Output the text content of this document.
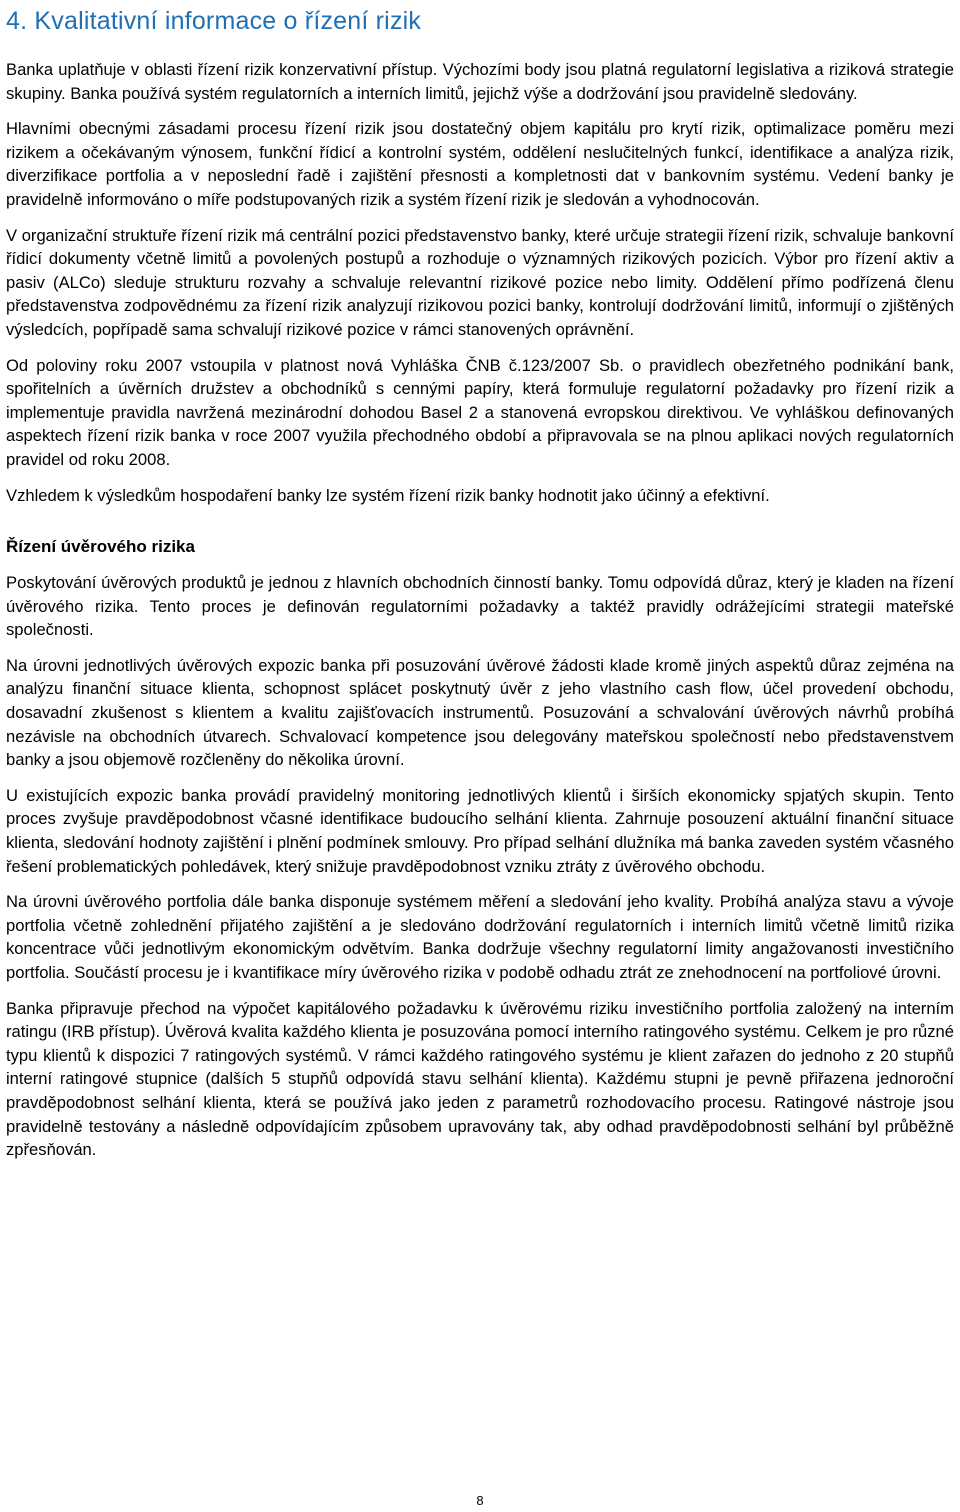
4. Kvalitativní informace o řízení rizik

Banka uplatňuje v oblasti řízení rizik konzervativní přístup. Výchozími body jsou platná regulatorní legislativa a riziková strategie skupiny. Banka používá systém regulatorních a interních limitů, jejichž výše a dodržování jsou pravidelně sledovány.

Hlavními obecnými zásadami procesu řízení rizik jsou dostatečný objem kapitálu pro krytí rizik, optimalizace poměru mezi rizikem a očekávaným výnosem, funkční řídicí a kontrolní systém, oddělení neslučitelných funkcí, identifikace a analýza rizik, diverzifikace portfolia a v neposlední řadě i zajištění přesnosti a kompletnosti dat v bankovním systému. Vedení banky je pravidelně informováno o míře podstupovaných rizik a systém řízení rizik je sledován a vyhodnocován.

V organizační struktuře řízení rizik má centrální pozici představenstvo banky, které určuje strategii řízení rizik, schvaluje bankovní řídicí dokumenty včetně limitů a povolených postupů a rozhoduje o významných rizikových pozicích. Výbor pro řízení aktiv a pasiv (ALCo) sleduje strukturu rozvahy a schvaluje relevantní rizikové pozice nebo limity. Oddělení přímo podřízená členu představenstva zodpovědnému za řízení rizik analyzují rizikovou pozici banky, kontrolují dodržování limitů, informují o zjištěných výsledcích, popřípadě sama schvalují rizikové pozice v rámci stanovených oprávnění.

Od poloviny roku 2007 vstoupila v platnost nová Vyhláška ČNB č.123/2007 Sb. o pravidlech obezřetného podnikání bank, spořitelních a úvěrních družstev a obchodníků s cennými papíry, která formuluje regulatorní požadavky pro řízení rizik a implementuje pravidla navržená mezinárodní dohodou Basel 2 a stanovená evropskou direktivou. Ve vyhláškou definovaných aspektech řízení rizik banka v roce 2007 využila přechodného období a připravovala se na plnou aplikaci nových regulatorních pravidel od roku 2008.

Vzhledem k výsledkům hospodaření banky lze systém řízení rizik banky hodnotit jako účinný a efektivní.

Řízení úvěrového rizika

Poskytování úvěrových produktů je jednou z hlavních obchodních činností banky. Tomu odpovídá důraz, který je kladen na řízení úvěrového rizika. Tento proces je definován regulatorními požadavky a taktéž pravidly odrážejícími strategii mateřské společnosti.

Na úrovni jednotlivých úvěrových expozic banka při posuzování úvěrové žádosti klade kromě jiných aspektů důraz zejména na analýzu finanční situace klienta, schopnost splácet poskytnutý úvěr z jeho vlastního cash flow, účel provedení obchodu, dosavadní zkušenost s klientem a kvalitu zajišťovacích instrumentů. Posuzování a schvalování úvěrových návrhů probíhá nezávisle na obchodních útvarech. Schvalovací kompetence jsou delegovány mateřskou společností nebo představenstvem banky a jsou objemově rozčleněny do několika úrovní.

U existujících expozic banka provádí pravidelný monitoring jednotlivých klientů i širších ekonomicky spjatých skupin. Tento proces zvyšuje pravděpodobnost včasné identifikace budoucího selhání klienta. Zahrnuje posouzení aktuální finanční situace klienta, sledování hodnoty zajištění i plnění podmínek smlouvy. Pro případ selhání dlužníka má banka zaveden systém včasného řešení problematických pohledávek, který snižuje pravděpodobnost vzniku ztráty z úvěrového obchodu.

Na úrovni úvěrového portfolia dále banka disponuje systémem měření a sledování jeho kvality. Probíhá analýza stavu a vývoje portfolia včetně zohlednění přijatého zajištění a je sledováno dodržování regulatorních i interních limitů včetně limitů rizika koncentrace vůči jednotlivým ekonomickým odvětvím. Banka dodržuje všechny regulatorní limity angažovanosti investičního portfolia. Součástí procesu je i kvantifikace míry úvěrového rizika v podobě odhadu ztrát ze znehodnocení na portfoliové úrovni.

Banka připravuje přechod na výpočet kapitálového požadavku k úvěrovému riziku investičního portfolia založený na interním ratingu (IRB přístup). Úvěrová kvalita každého klienta je posuzována pomocí interního ratingového systému. Celkem je pro různé typu klientů k dispozici 7 ratingových systémů. V rámci každého ratingového systému je klient zařazen do jednoho z 20 stupňů interní ratingové stupnice (dalších 5 stupňů odpovídá stavu selhání klienta). Každému stupni je pevně přiřazena jednoroční pravděpodobnost selhání klienta, která se používá jako jeden z parametrů rozhodovacího procesu. Ratingové nástroje jsou pravidelně testovány a následně odpovídajícím způsobem upravovány tak, aby odhad pravděpodobnosti selhání byl průběžně zpřesňován.

8
